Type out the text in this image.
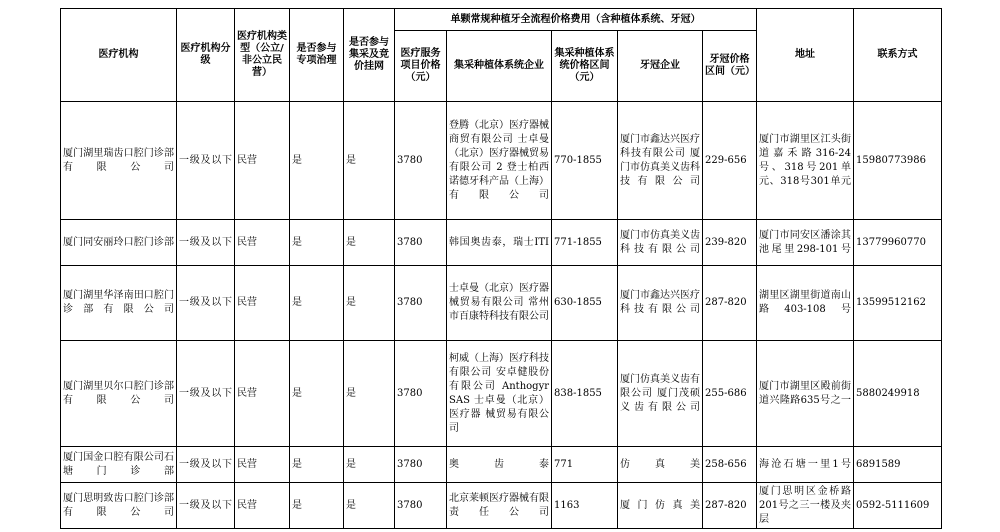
医疗机构	医疗机构分级	医疗机构类型（公立/非公立民营）	是否参与专项治理	是否参与集采及竞价挂网	单颗常规种植牙全流程价格费用（含种植体系统、牙冠）					地址	联系方式
					医疗服务项目价格（元）	集采种植体系统企业	集采种植体系统价格区间（元）	牙冠企业	牙冠价格区间（元）		
厦门湖里瑞齿口腔门诊部有限公司	一级及以下	民营	是	是	3780	登腾（北京）医疗器械商贸有限公司 士卓曼（北京）医疗器械贸易有限公司 2 登士柏西诺德牙科产品（上海）有限公司	770-1855	厦门市鑫达兴医疗科技有限公司 厦门市仿真美义齿科技有限公司	229-656	厦门市湖里区江头街道嘉禾路316-24号、318号201单元、318号301单元	15980773986
厦门同安丽玲口腔门诊部	一级及以下	民营	是	是	3780	韩国奥齿泰，瑞士ITI	771-1855	厦门市仿真美义齿科技有限公司	239-820	厦门市同安区潘涂其池尾里298-101号	13779960770
厦门湖里华泽南田口腔门诊部有限公司	一级及以下	民营	是	是	3780	士卓曼（北京）医疗器械贸易有限公司 常州市百康特科技有限公司	630-1855	厦门市鑫达兴医疗科技有限公司	287-820	湖里区湖里街道南山路403-108号	13599512162
厦门湖里贝尔口腔门诊部有限公司	一级及以下	民营	是	是	3780	柯威（上海）医疗科技 有限公司 安卓健股份有限公司 Anthogyr SAS 士卓曼（北京）医疗器 械贸易有限公司	838-1855	厦门仿真美义齿有限公司 厦门茂硕义齿有限公司	255-686	厦门市湖里区殿前街道兴隆路635号之一	5880249918
厦门国金口腔有限公司石塘门诊部	一级及以下	民营	是	是	3780	奥齿泰	771	仿真美	258-656	海沧石塘一里1号	6891589
厦门思明致齿口腔门诊部有限公司	一级及以下	民营	是	是	3780	北京莱顿医疗器械有限责任公司	1163	厦门仿真美	287-820	厦门思明区金桥路201号之三一楼及夹层	0592-5111609
